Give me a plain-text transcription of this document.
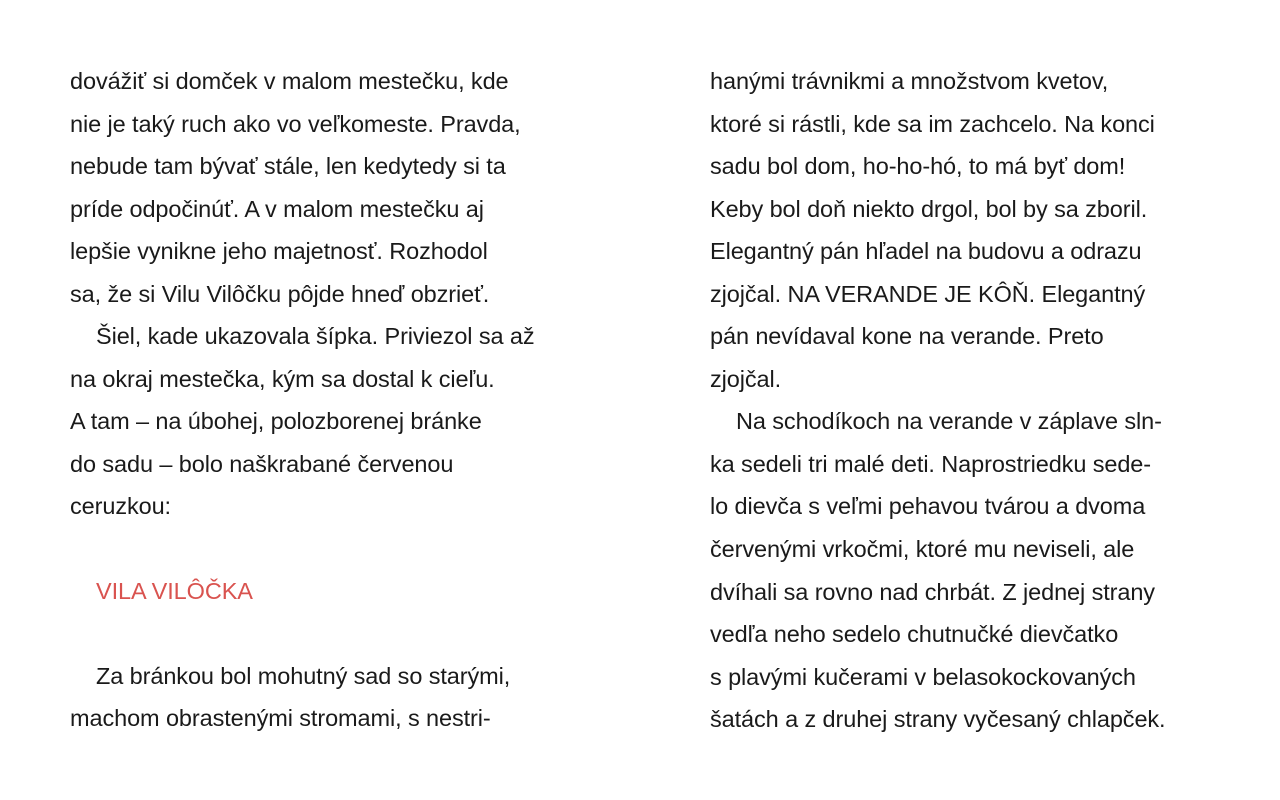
dovážiť si domček v malom mestečku, kde
nie je taký ruch ako vo veľkomeste. Pravda,
nebude tam bývať stále, len kedytedy si ta
príde odpočinúť. A v malom mestečku aj
lepšie vynikne jeho majetnosť. Rozhodol
sa, že si Vilu Vilôčku pôjde hneď obzrieť.
Šiel, kade ukazovala šípka. Priviezol sa až
na okraj mestečka, kým sa dostal k cieľu.
A tam – na úbohej, polozborenej bránke
do sadu – bolo naškrabané červenou
ceruzkou:
VILA VILÔČKA
Za bránkou bol mohutný sad so starými,
machom obrastenými stromami, s nestri-
hanými trávnikmi a množstvom kvetov,
ktoré si rástli, kde sa im zachcelo. Na konci
sadu bol dom, ho-ho-hó, to má byť dom!
Keby bol doň niekto drgol, bol by sa zboril.
Elegantný pán hľadel na budovu a odrazu
zjojčal. NA VERANDE JE KÔŇ. Elegantný
pán nevídaval kone na verande. Preto
zjojčal.
Na schodíkoch na verande v záplave sln-
ka sedeli tri malé deti. Naprostriedku sede-
lo dievča s veľmi pehavou tvárou a dvoma
červenými vrkočmi, ktoré mu neviseli, ale
dvíhali sa rovno nad chrbát. Z jednej strany
vedľa neho sedelo chutnučké dievčatko
s plavými kučerami v belasokockovaných
šatách a z druhej strany vyčesaný chlapček.
